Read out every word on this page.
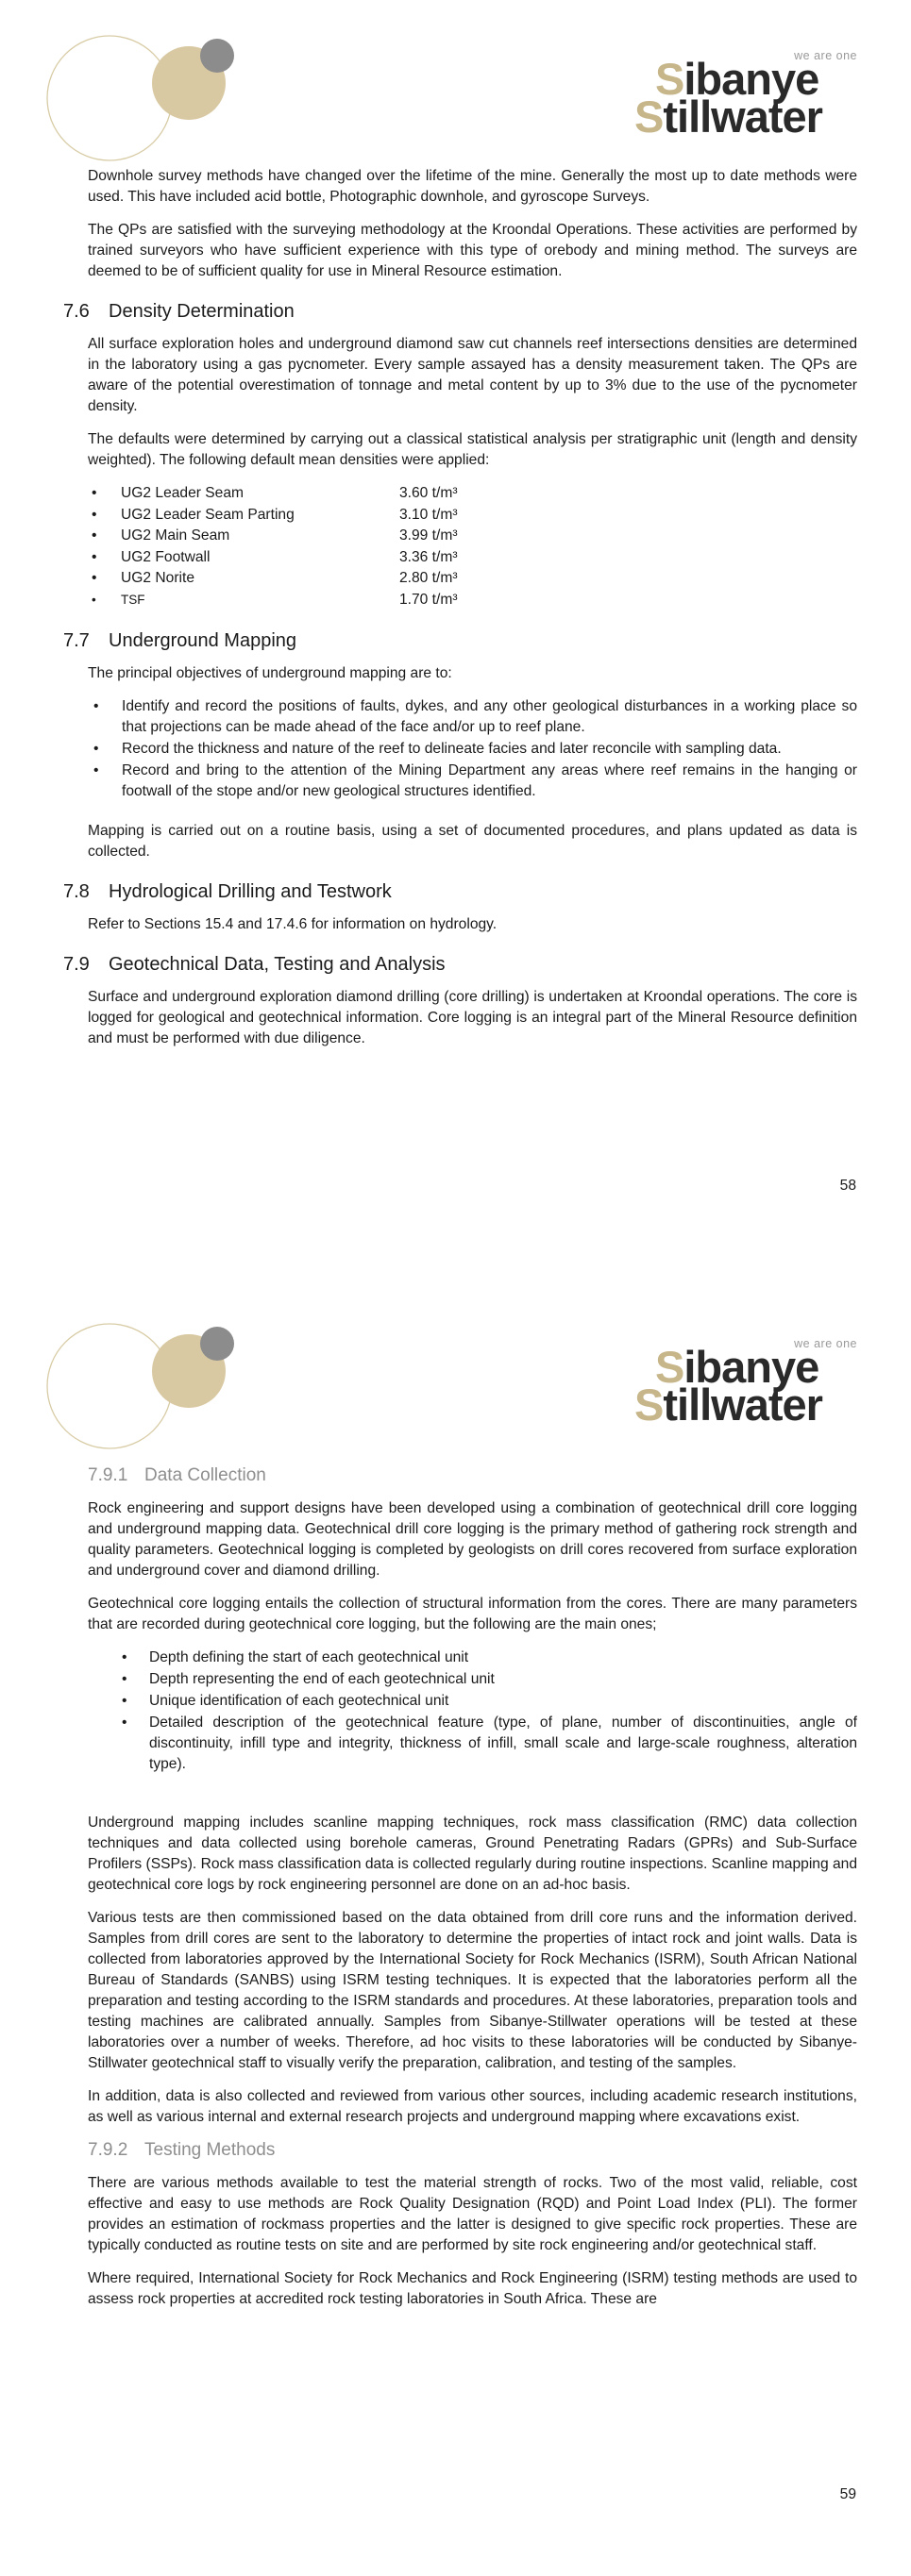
we are one
Sibanye
Stillwater

Downhole survey methods have changed over the lifetime of the mine. Generally the most up to date methods were used. This have included acid bottle, Photographic downhole, and gyroscope Surveys.

The QPs are satisfied with the surveying methodology at the Kroondal Operations. These activities are performed by trained surveyors who have sufficient experience with this type of orebody and mining method. The surveys are deemed to be of sufficient quality for use in Mineral Resource estimation.

7.6 Density Determination

All surface exploration holes and underground diamond saw cut channels reef intersections densities are determined in the laboratory using a gas pycnometer. Every sample assayed has a density measurement taken. The QPs are aware of the potential overestimation of tonnage and metal content by up to 3% due to the use of the pycnometer density.

The defaults were determined by carrying out a classical statistical analysis per stratigraphic unit (length and density weighted). The following default mean densities were applied:

• UG2 Leader Seam	3.60 t/m³
• UG2 Leader Seam Parting	3.10 t/m³
• UG2 Main Seam	3.99 t/m³
• UG2 Footwall	3.36 t/m³
• UG2 Norite	2.80 t/m³
• TSF	1.70 t/m³
7.7 Underground Mapping

The principal objectives of underground mapping are to:

• Identify and record the positions of faults, dykes, and any other geological disturbances in a working place so that projections can be made ahead of the face and/or up to reef plane.
• Record the thickness and nature of the reef to delineate facies and later reconcile with sampling data.
• Record and bring to the attention of the Mining Department any areas where reef remains in the hanging or footwall of the stope and/or new geological structures identified.

Mapping is carried out on a routine basis, using a set of documented procedures, and plans updated as data is collected.

7.8 Hydrological Drilling and Testwork

Refer to Sections 15.4 and 17.4.6 for information on hydrology.

7.9 Geotechnical Data, Testing and Analysis

Surface and underground exploration diamond drilling (core drilling) is undertaken at Kroondal operations. The core is logged for geological and geotechnical information. Core logging is an integral part of the Mineral Resource definition and must be performed with due diligence.

58
we are one
Sibanye
Stillwater
7.9.1 Data Collection

Rock engineering and support designs have been developed using a combination of geotechnical drill core logging and underground mapping data. Geotechnical drill core logging is the primary method of gathering rock strength and quality parameters. Geotechnical logging is completed by geologists on drill cores recovered from surface exploration and underground cover and diamond drilling.

Geotechnical core logging entails the collection of structural information from the cores. There are many parameters that are recorded during geotechnical core logging, but the following are the main ones;

• Depth defining the start of each geotechnical unit
• Depth representing the end of each geotechnical unit
• Unique identification of each geotechnical unit
• Detailed description of the geotechnical feature (type, of plane, number of discontinuities, angle of discontinuity, infill type and integrity, thickness of infill, small scale and large-scale roughness, alteration type).

Underground mapping includes scanline mapping techniques, rock mass classification (RMC) data collection techniques and data collected using borehole cameras, Ground Penetrating Radars (GPRs) and Sub-Surface Profilers (SSPs). Rock mass classification data is collected regularly during routine inspections. Scanline mapping and geotechnical core logs by rock engineering personnel are done on an ad-hoc basis.

Various tests are then commissioned based on the data obtained from drill core runs and the information derived. Samples from drill cores are sent to the laboratory to determine the properties of intact rock and joint walls. Data is collected from laboratories approved by the International Society for Rock Mechanics (ISRM), South African National Bureau of Standards (SANBS) using ISRM testing techniques. It is expected that the laboratories perform all the preparation and testing according to the ISRM standards and procedures. At these laboratories, preparation tools and testing machines are calibrated annually. Samples from Sibanye-Stillwater operations will be tested at these laboratories over a number of weeks. Therefore, ad hoc visits to these laboratories will be conducted by Sibanye-Stillwater geotechnical staff to visually verify the preparation, calibration, and testing of the samples.

In addition, data is also collected and reviewed from various other sources, including academic research institutions, as well as various internal and external research projects and underground mapping where excavations exist.

7.9.2 Testing Methods

There are various methods available to test the material strength of rocks. Two of the most valid, reliable, cost effective and easy to use methods are Rock Quality Designation (RQD) and Point Load Index (PLI). The former provides an estimation of rockmass properties and the latter is designed to give specific rock properties. These are typically conducted as routine tests on site and are performed by site rock engineering and/or geotechnical staff.

Where required, International Society for Rock Mechanics and Rock Engineering (ISRM) testing methods are used to assess rock properties at accredited rock testing laboratories in South Africa. These are

59
